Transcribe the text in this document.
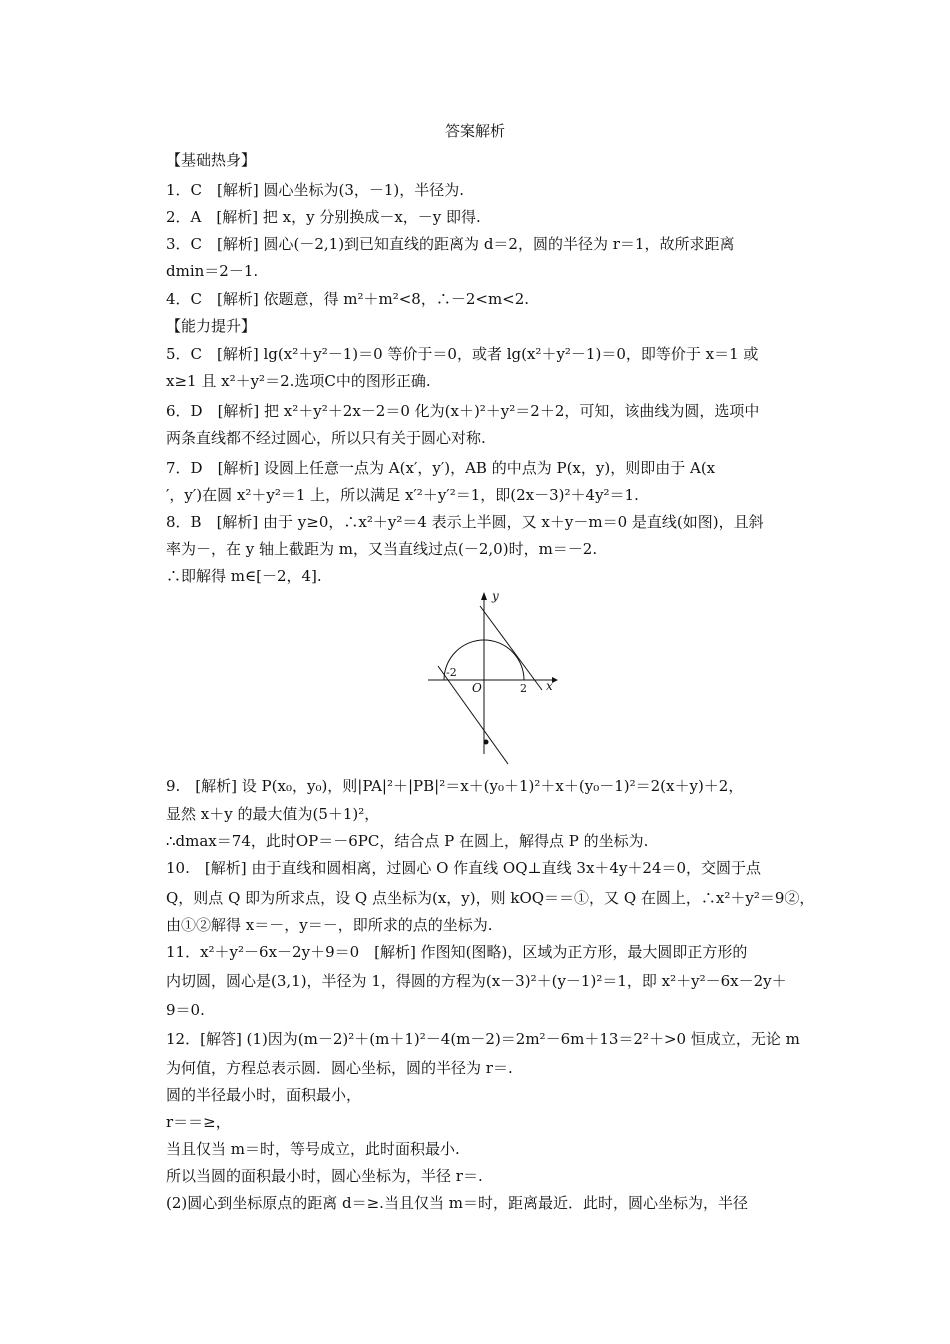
答案解析
【基础热身】
1．C　[解析] 圆心坐标为(3，－1)，半径为.
2．A　[解析] 把 x，y 分别换成－x，－y 即得.
3．C　[解析] 圆心(－2,1)到已知直线的距离为 d＝2，圆的半径为 r＝1，故所求距离
dmin＝2－1.
4．C　[解析] 依题意，得 m²＋m²<8，∴－2<m<2.
【能力提升】
5．C　[解析] lg(x²＋y²－1)＝0 等价于＝0，或者 lg(x²＋y²－1)＝0，即等价于 x＝1 或
x≥1 且 x²＋y²＝2.选项C中的图形正确.
6．D　[解析] 把 x²＋y²＋2x－2＝0 化为(x＋)²＋y²＝2＋2，可知，该曲线为圆，选项中
两条直线都不经过圆心，所以只有关于圆心对称.
7．D　[解析] 设圆上任意一点为 A(x′，y′)，AB 的中点为 P(x，y)，则即由于 A(x
′，y′)在圆 x²＋y²＝1 上，所以满足 x′²＋y′²＝1，即(2x－3)²＋4y²＝1.
8．B　[解析] 由于 y≥0，∴x²＋y²＝4 表示上半圆，又 x＋y－m＝0 是直线(如图)，且斜
率为－，在 y 轴上截距为 m，又当直线过点(－2,0)时，m＝－2.
∴即解得 m∈[－2，4].
y
x
O
-2
2
9.　[解析] 设 P(x₀，y₀)，则|PA|²＋|PB|²＝x＋(y₀＋1)²＋x＋(y₀－1)²＝2(x＋y)＋2，
显然 x＋y 的最大值为(5＋1)²，
∴dmax＝74，此时OP＝－6PC，结合点 P 在圆上，解得点 P 的坐标为.
10.　[解析] 由于直线和圆相离，过圆心 O 作直线 OQ⊥直线 3x＋4y＋24＝0，交圆于点
Q，则点 Q 即为所求点，设 Q 点坐标为(x，y)，则 kOQ＝＝①，又 Q 在圆上，∴x²＋y²＝9②，
由①②解得 x＝－，y＝－，即所求的点的坐标为.
11．x²＋y²－6x－2y＋9＝0　[解析] 作图知(图略)，区域为正方形，最大圆即正方形的
内切圆，圆心是(3,1)，半径为 1，得圆的方程为(x－3)²＋(y－1)²＝1，即 x²＋y²－6x－2y＋
9＝0.
12．[解答] (1)因为(m－2)²＋(m＋1)²－4(m－2)＝2m²－6m＋13＝2²＋>0 恒成立，无论 m
为何值，方程总表示圆．圆心坐标，圆的半径为 r＝.
圆的半径最小时，面积最小，
r＝＝≥，
当且仅当 m＝时，等号成立，此时面积最小.
所以当圆的面积最小时，圆心坐标为，半径 r＝.
(2)圆心到坐标原点的距离 d＝≥.当且仅当 m＝时，距离最近．此时，圆心坐标为，半径
